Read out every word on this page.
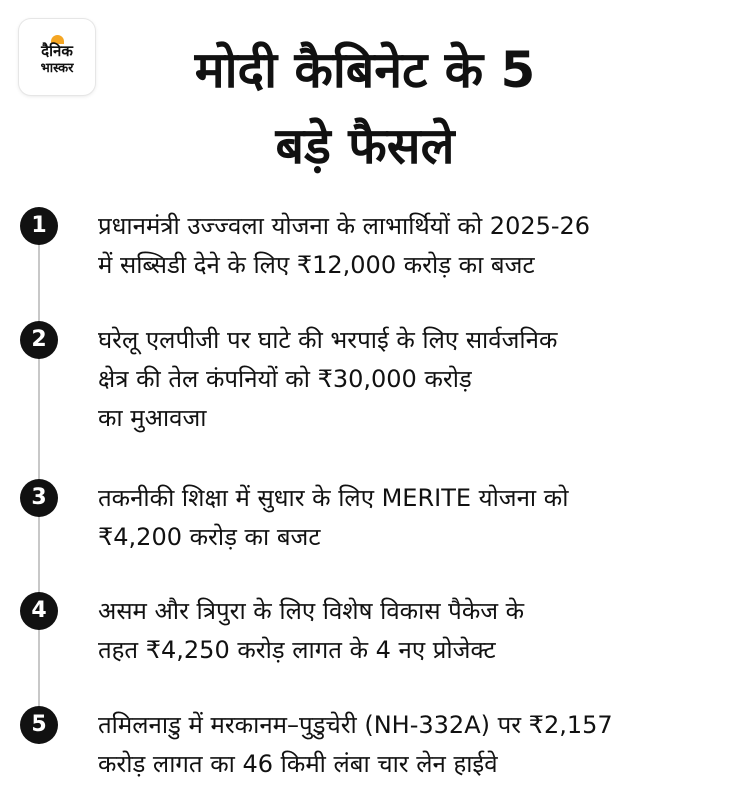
दैनिक
भास्कर	मोदी कैबिनेट के 5
बड़े फैसले
1	प्रधानमंत्री उज्ज्वला योजना के लाभार्थियों को 2025-26
में सब्सिडी देने के लिए ₹12,000 करोड़ का बजट
2	घरेलू एलपीजी पर घाटे की भरपाई के लिए सार्वजनिक
क्षेत्र की तेल कंपनियों को ₹30,000 करोड़
का मुआवजा
3	तकनीकी शिक्षा में सुधार के लिए MERITE योजना को
₹4,200 करोड़ का बजट
4	असम और त्रिपुरा के लिए विशेष विकास पैकेज के
तहत ₹4,250 करोड़ लागत के 4 नए प्रोजेक्ट
5	तमिलनाडु में मरकानम–पुडुचेरी (NH-332A) पर ₹2,157
करोड़ लागत का 46 किमी लंबा चार लेन हाईवे
